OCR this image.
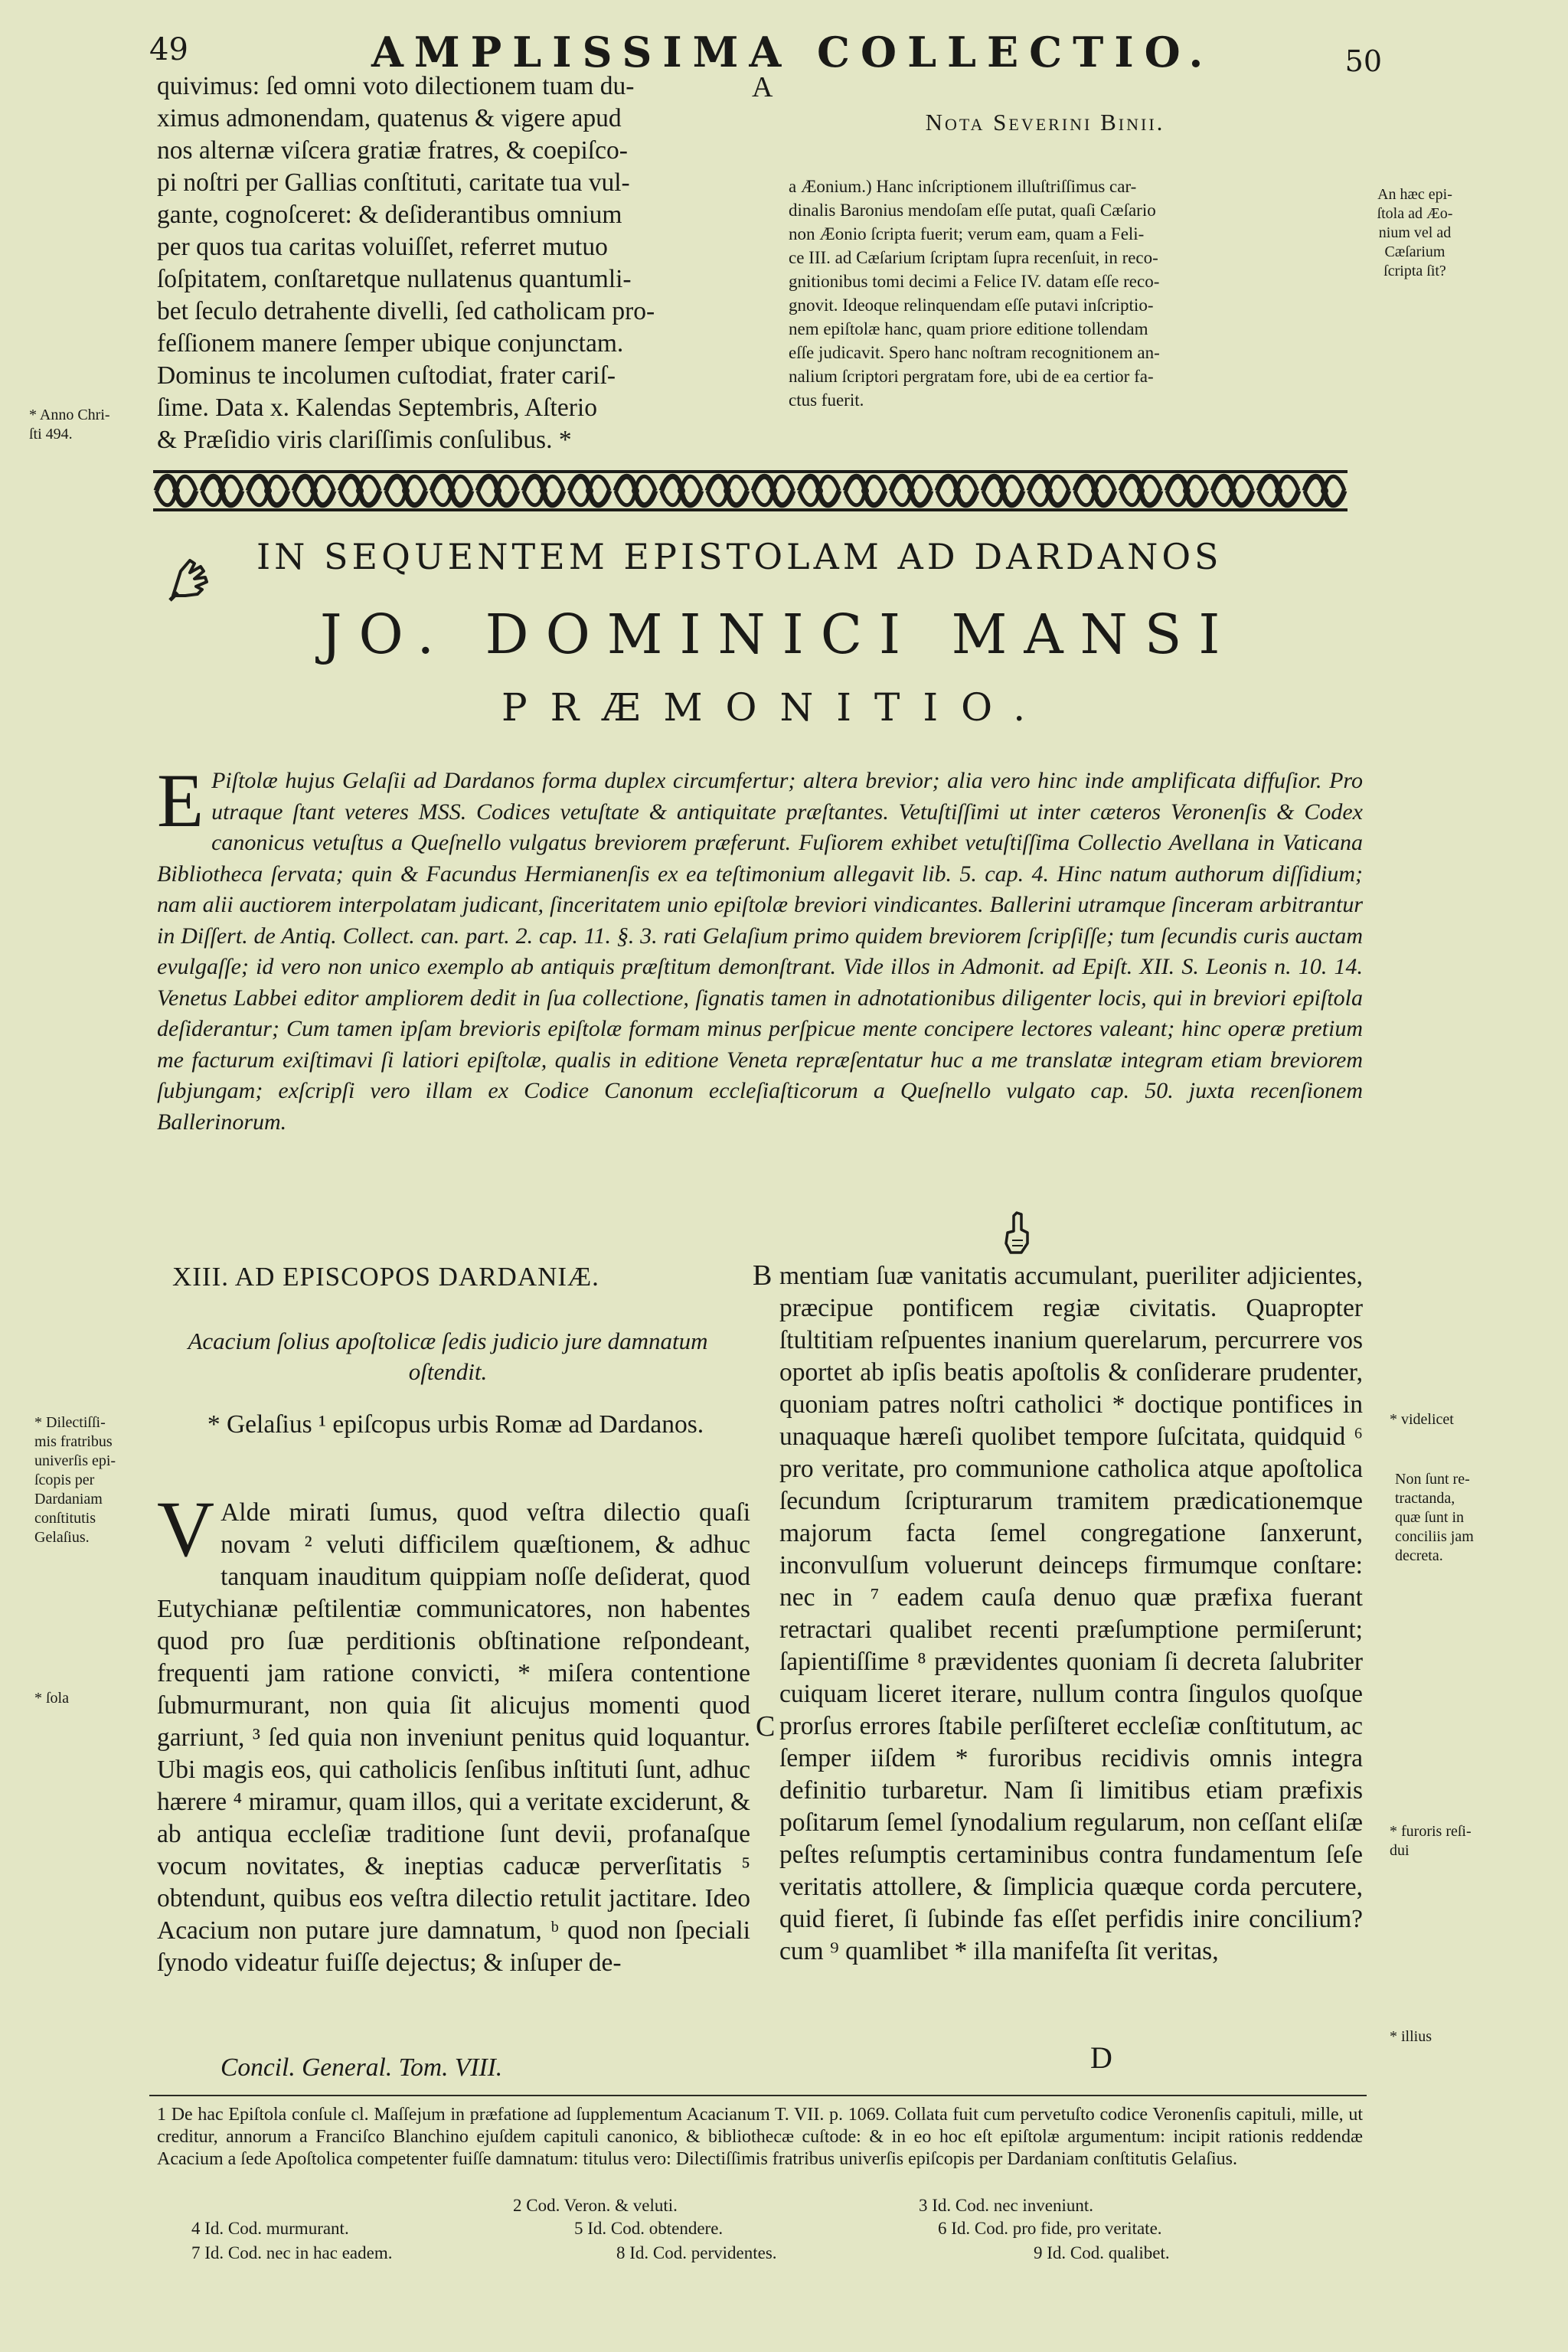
49	AMPLISSIMA COLLECTIO.	50
quivimus: ſed omni voto dilectionem tuam du-
ximus admonendam, quatenus & vigere apud
nos alternæ viſcera gratiæ fratres, & coepiſco-
pi noſtri per Gallias conſtituti, caritate tua vul-
gante, cognoſceret: & deſiderantibus omnium
per quos tua caritas voluiſſet, referret mutuo
ſoſpitatem, conſtaretque nullatenus quantumli-
bet ſeculo detrahente divelli, ſed catholicam pro-
feſſionem manere ſemper ubique conjunctam.
Dominus te incolumen cuſtodiat, frater cariſ-
ſime. Data x. Kalendas Septembris, Aſterio
& Præſidio viris clariſſimis conſulibus. *
A
* Anno Chri-
ſti 494.
Nota Severini Binii.
a Æonium.) Hanc inſcriptionem illuſtriſſimus car-
dinalis Baronius mendoſam eſſe putat, quaſi Cæſario
non Æonio ſcripta fuerit; verum eam, quam a Feli-
ce III. ad Cæſarium ſcriptam ſupra recenſuit, in reco-
gnitionibus tomi decimi a Felice IV. datam eſſe reco-
gnovit. Ideoque relinquendam eſſe putavi inſcriptio-
nem epiſtolæ hanc, quam priore editione tollendam
eſſe judicavit. Spero hanc noſtram recognitionem an-
nalium ſcriptori pergratam fore, ubi de ea certior fa-
ctus fuerit.
An hæc epi-
ſtola ad Æo-
nium vel ad
Cæſarium
ſcripta ſit?
IN SEQUENTEM EPISTOLAM AD DARDANOS
JO. DOMINICI MANSI
PRÆMONITIO.
E Piſtolæ hujus Gelaſii ad Dardanos forma duplex circumfertur; altera brevior; alia vero hinc inde amplificata diffuſior. Pro utraque ſtant veteres MSS. Codices vetuſtate & antiquitate præſtantes. Vetuſtiſſimi ut inter cæteros Veronenſis & Codex canonicus vetuſtus a Queſnello vulgatus breviorem præferunt. Fuſiorem exhibet vetuſtiſſima Collectio Avellana in Vaticana Bibliotheca ſervata; quin & Facundus Hermianenſis ex ea teſtimonium allegavit lib. 5. cap. 4. Hinc natum authorum diſſidium; nam alii auctiorem interpolatam judicant, ſinceritatem unio epiſtolæ breviori vindicantes. Ballerini utramque ſinceram arbitrantur in Diſſert. de Antiq. Collect. can. part. 2. cap. 11. §. 3. rati Gelaſium primo quidem breviorem ſcripſiſſe; tum ſecundis curis auctam evulgaſſe; id vero non unico exemplo ab antiquis præſtitum demonſtrant. Vide illos in Admonit. ad Epiſt. XII. S. Leonis n. 10. 14. Venetus Labbei editor ampliorem dedit in ſua collectione, ſignatis tamen in adnotationibus diligenter locis, qui in breviori epiſtola deſiderantur; Cum tamen ipſam brevioris epiſtolæ formam minus perſpicue mente concipere lectores valeant; hinc operæ pretium me facturum exiſtimavi ſi latiori epiſtolæ, qualis in editione Veneta repræſentatur huc a me translatæ integram etiam breviorem ſubjungam; exſcripſi vero illam ex Codice Canonum eccleſiaſticorum a Queſnello vulgato cap. 50. juxta recenſionem Ballerinorum.
XIII. AD EPISCOPOS DARDANIÆ.	B
Acacium ſolius apoſtolicæ ſedis judicio jure damnatum oſtendit.
* Gelaſius ¹ epiſcopus urbis Romæ ad Dardanos.
V Alde mirati ſumus, quod veſtra dilectio quaſi novam ² veluti difficilem quæſtionem, & adhuc tanquam inauditum quippiam noſſe deſiderat, quod Eutychianæ peſtilentiæ communicatores, non habentes quod pro ſuæ perditionis obſtinatione reſpondeant, frequenti jam ratione convicti, * miſera contentione ſubmurmurant, non quia ſit alicujus momenti quod garriunt, ³ ſed quia non inveniunt penitus quid loquantur. Ubi magis eos, qui catholicis ſenſibus inſtituti ſunt, adhuc hærere ⁴ miramur, quam illos, qui a veritate exciderunt, & ab antiqua eccleſiæ traditione ſunt devii, profanaſque vocum novitates, & ineptias caducæ perverſitatis ⁵ obtendunt, quibus eos veſtra dilectio retulit jactitare. Ideo Acacium non putare jure damnatum, ᵇ quod non ſpeciali ſynodo videatur fuiſſe dejectus; & inſuper de-
C
mentiam ſuæ vanitatis accumulant, pueriliter adjicientes, præcipue pontificem regiæ civitatis. Quapropter ſtultitiam reſpuentes inanium querelarum, percurrere vos oportet ab ipſis beatis apoſtolis & conſiderare prudenter, quoniam patres noſtri catholici * doctique pontifices in unaquaque hæreſi quolibet tempore ſuſcitata, quidquid ⁶ pro veritate, pro communione catholica atque apoſtolica ſecundum ſcripturarum tramitem prædicationemque majorum facta ſemel congregatione ſanxerunt, inconvulſum voluerunt deinceps firmumque conſtare: nec in ⁷ eadem cauſa denuo quæ præfixa fuerant retractari qualibet recenti præſumptione permiſerunt; ſapientiſſime ⁸ prævidentes quoniam ſi decreta ſalubriter cuiquam liceret iterare, nullum contra ſingulos quoſque prorſus errores ſtabile perſiſteret eccleſiæ conſtitutum, ac ſemper iiſdem * furoribus recidivis omnis integra definitio turbaretur. Nam ſi limitibus etiam præfixis poſitarum ſemel ſynodalium regularum, non ceſſant eliſæ peſtes reſumptis certaminibus contra fundamentum ſeſe veritatis attollere, & ſimplicia quæque corda percutere, quid fieret, ſi ſubinde fas eſſet perfidis inire concilium? cum ⁹ quamlibet * illa manifeſta ſit veritas,
* Dilectiſſi-
mis fratribus
univerſis epi-
ſcopis per
Dardaniam
conſtitutis
Gelaſius.
* ſola
* videlicet
Non ſunt re-
tractanda,
quæ ſunt in
conciliis jam
decreta.
* furoris reſi-
dui
* illius
Concil. General. Tom. VIII.	D
1 De hac Epiſtola conſule cl. Maſſejum in præfatione ad ſupplementum Acacianum T. VII. p. 1069. Collata fuit cum pervetuſto codice Veronenſis capituli, mille, ut creditur, annorum a Franciſco Blanchino ejuſdem capituli canonico, & bibliothecæ cuſtode: & in eo hoc eſt epiſtolæ argumentum: incipit rationis reddendæ Acacium a ſede Apoſtolica competenter fuiſſe damnatum: titulus vero: Dilectiſſimis fratribus univerſis epiſcopis per Dardaniam conſtitutis Gelaſius.
2 Cod. Veron. & veluti.	3 Id. Cod. nec inveniunt.
4 Id. Cod. murmurant.	5 Id. Cod. obtendere.	6 Id. Cod. pro fide, pro veritate.
7 Id. Cod. nec in hac eadem.	8 Id. Cod. pervidentes.	9 Id. Cod. qualibet.
